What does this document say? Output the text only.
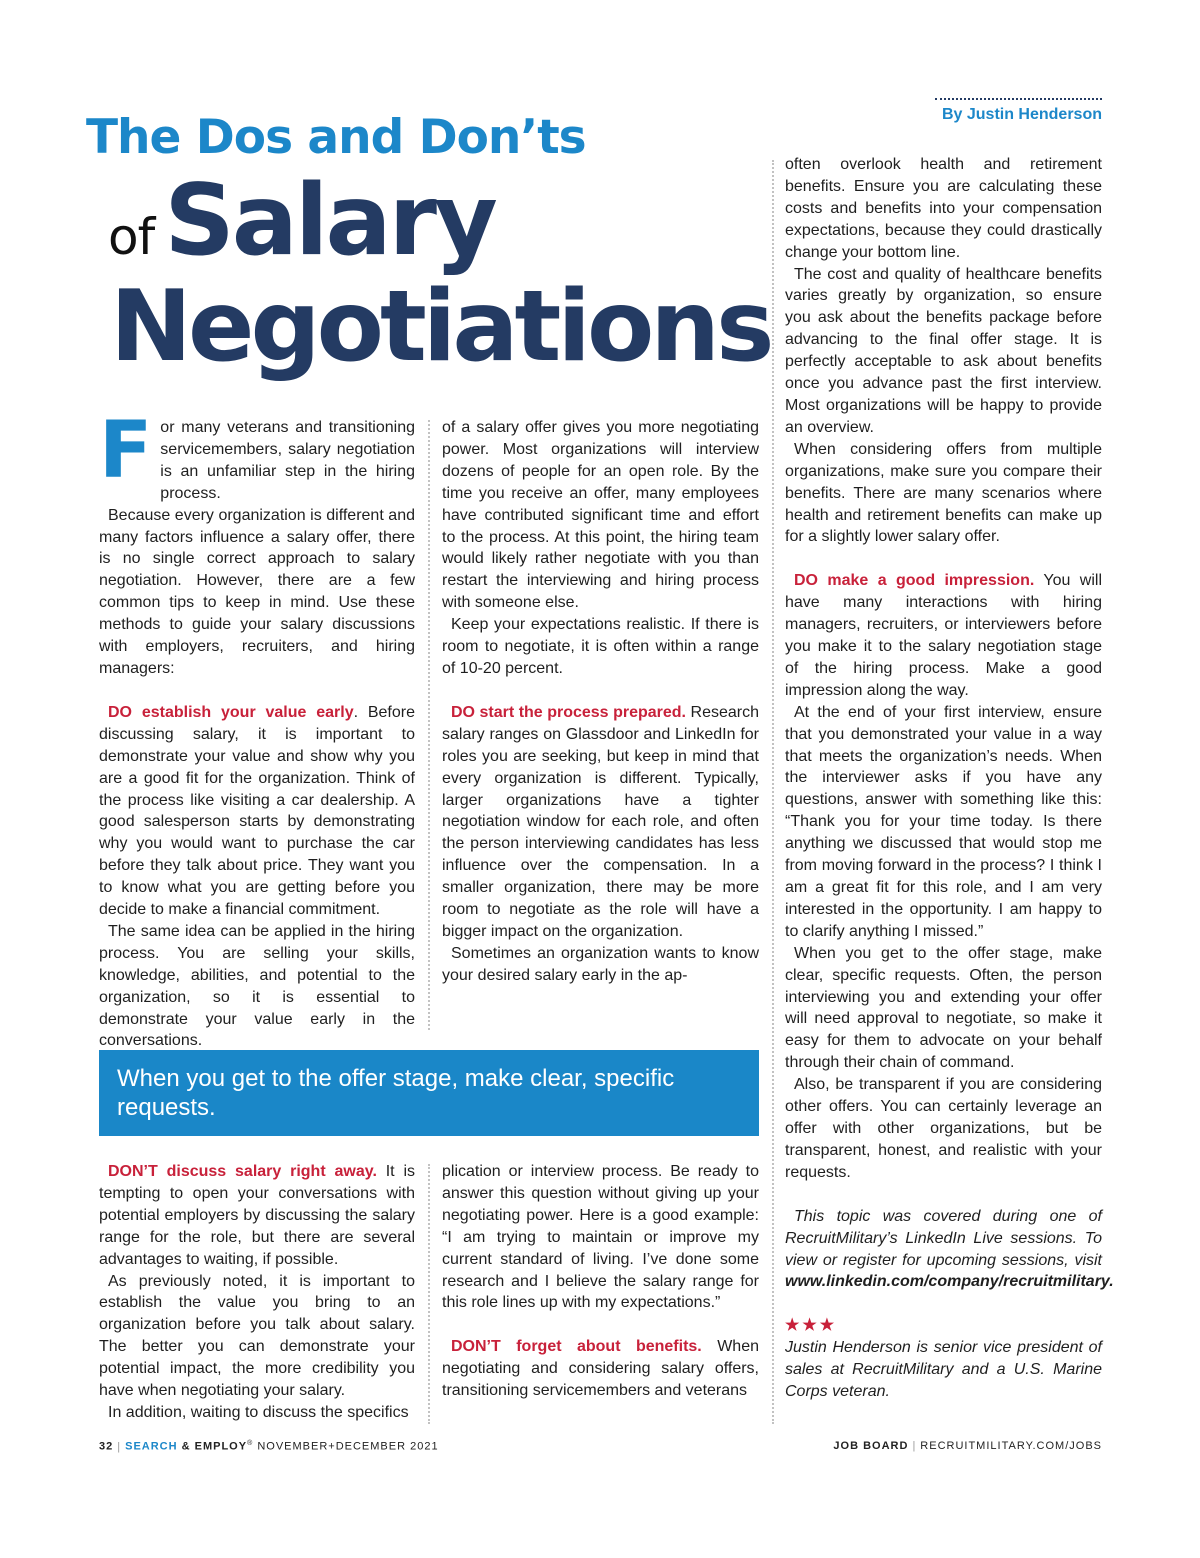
By Justin Henderson
The Dos and Don’ts
of Salary
Negotiations

For many veterans and transitioning servicemembers, salary negotiation is an unfamiliar step in the hiring process.

Because every organization is different and many factors influence a salary offer, there is no single correct approach to salary negotiation. However, there are a few common tips to keep in mind. Use these methods to guide your salary discussions with employers, recruiters, and hiring managers:

DO establish your value early. Before discussing salary, it is important to demonstrate your value and show why you are a good fit for the organization. Think of the process like visiting a car dealership. A good salesperson starts by demonstrating why you would want to purchase the car before they talk about price. They want you to know what you are getting before you decide to make a financial commitment.

The same idea can be applied in the hiring process. You are selling your skills, knowledge, abilities, and potential to the organization, so it is essential to demonstrate your value early in the conversations.

of a salary offer gives you more negotiating power. Most organizations will interview dozens of people for an open role. By the time you receive an offer, many employees have contributed significant time and effort to the process. At this point, the hiring team would likely rather negotiate with you than restart the interviewing and hiring process with someone else.

Keep your expectations realistic. If there is room to negotiate, it is often within a range of 10-20 percent.

DO start the process prepared. Research salary ranges on Glassdoor and LinkedIn for roles you are seeking, but keep in mind that every organization is different. Typically, larger organizations have a tighter negotiation window for each role, and often the person interviewing candidates has less influence over the compensation. In a smaller organization, there may be more room to negotiate as the role will have a bigger impact on the organization.

Sometimes an organization wants to know your desired salary early in the ap-

When you get to the offer stage, make clear, specific requests.

DON’T discuss salary right away. It is tempting to open your conversations with potential employers by discussing the salary range for the role, but there are several advantages to waiting, if possible.

As previously noted, it is important to establish the value you bring to an organization before you talk about salary. The better you can demonstrate your potential impact, the more credibility you have when negotiating your salary.

In addition, waiting to discuss the specifics

plication or interview process. Be ready to answer this question without giving up your negotiating power. Here is a good example: “I am trying to maintain or improve my current standard of living. I’ve done some research and I believe the salary range for this role lines up with my expectations.”

DON’T forget about benefits. When negotiating and considering salary offers, transitioning servicemembers and veterans

often overlook health and retirement benefits. Ensure you are calculating these costs and benefits into your compensation expectations, because they could drastically change your bottom line.

The cost and quality of healthcare benefits varies greatly by organization, so ensure you ask about the benefits package before advancing to the final offer stage. It is perfectly acceptable to ask about benefits once you advance past the first interview. Most organizations will be happy to provide an overview.

When considering offers from multiple organizations, make sure you compare their benefits. There are many scenarios where health and retirement benefits can make up for a slightly lower salary offer.

DO make a good impression. You will have many interactions with hiring managers, recruiters, or interviewers before you make it to the salary negotiation stage of the hiring process. Make a good impression along the way.

At the end of your first interview, ensure that you demonstrated your value in a way that meets the organization’s needs. When the interviewer asks if you have any questions, answer with something like this: “Thank you for your time today. Is there anything we discussed that would stop me from moving forward in the process? I think I am a great fit for this role, and I am very interested in the opportunity. I am happy to to clarify anything I missed.”

When you get to the offer stage, make clear, specific requests. Often, the person interviewing you and extending your offer will need approval to negotiate, so make it easy for them to advocate on your behalf through their chain of command.

Also, be transparent if you are considering other offers. You can certainly leverage an offer with other organizations, but be transparent, honest, and realistic with your requests.

This topic was covered during one of RecruitMilitary’s LinkedIn Live sessions. To view or register for upcoming sessions, visit www.linkedin.com/company/recruitmilitary.

★★★

Justin Henderson is senior vice president of sales at RecruitMilitary and a U.S. Marine Corps veteran.

32 | SEARCH & EMPLOY® NOVEMBER+DECEMBER 2021	JOB BOARD | RECRUITMILITARY.COM/JOBS
